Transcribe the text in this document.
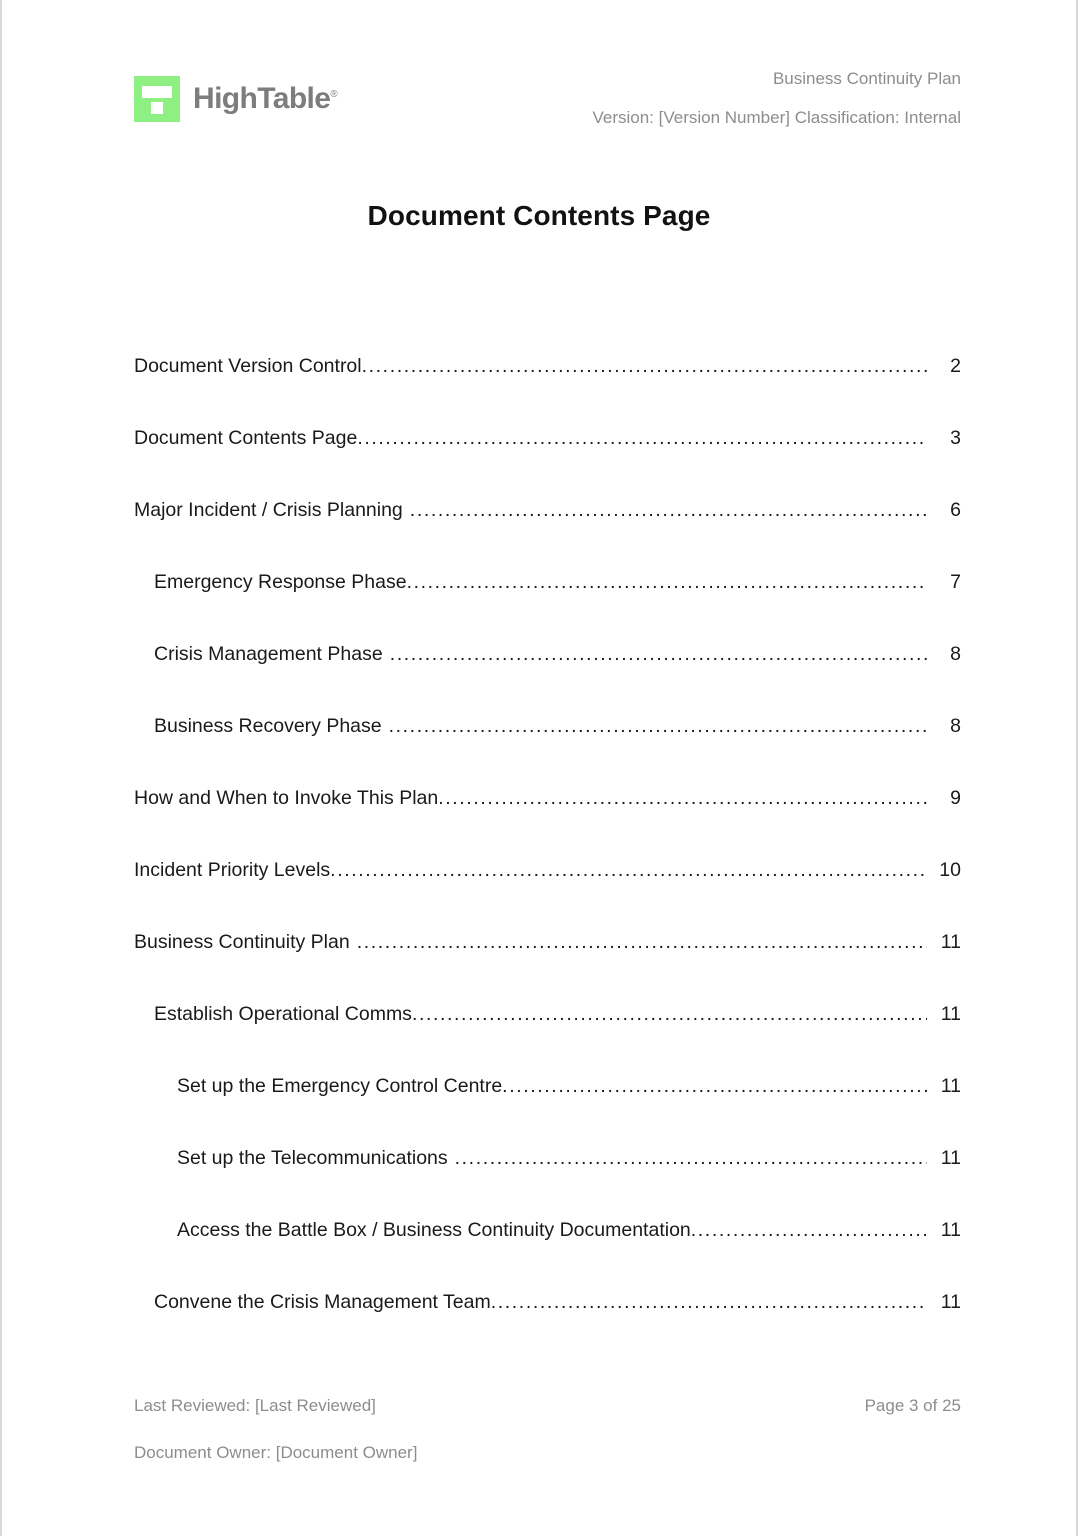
HighTable®
Business Continuity Plan
Version: [Version Number] Classification: Internal
Document Contents Page
Document Version Control .....	2
Document Contents Page .....	3
Major Incident / Crisis Planning .....	6
Emergency Response Phase .....	7
Crisis Management Phase .....	8
Business Recovery Phase .....	8
How and When to Invoke This Plan .....	9
Incident Priority Levels .....	10
Business Continuity Plan .....	11
Establish Operational Comms .....	11
Set up the Emergency Control Centre .....	11
Set up the Telecommunications .....	11
Access the Battle Box / Business Continuity Documentation .....	11
Convene the Crisis Management Team .....	11
Last Reviewed: [Last Reviewed]	Page 3 of 25
Document Owner: [Document Owner]
